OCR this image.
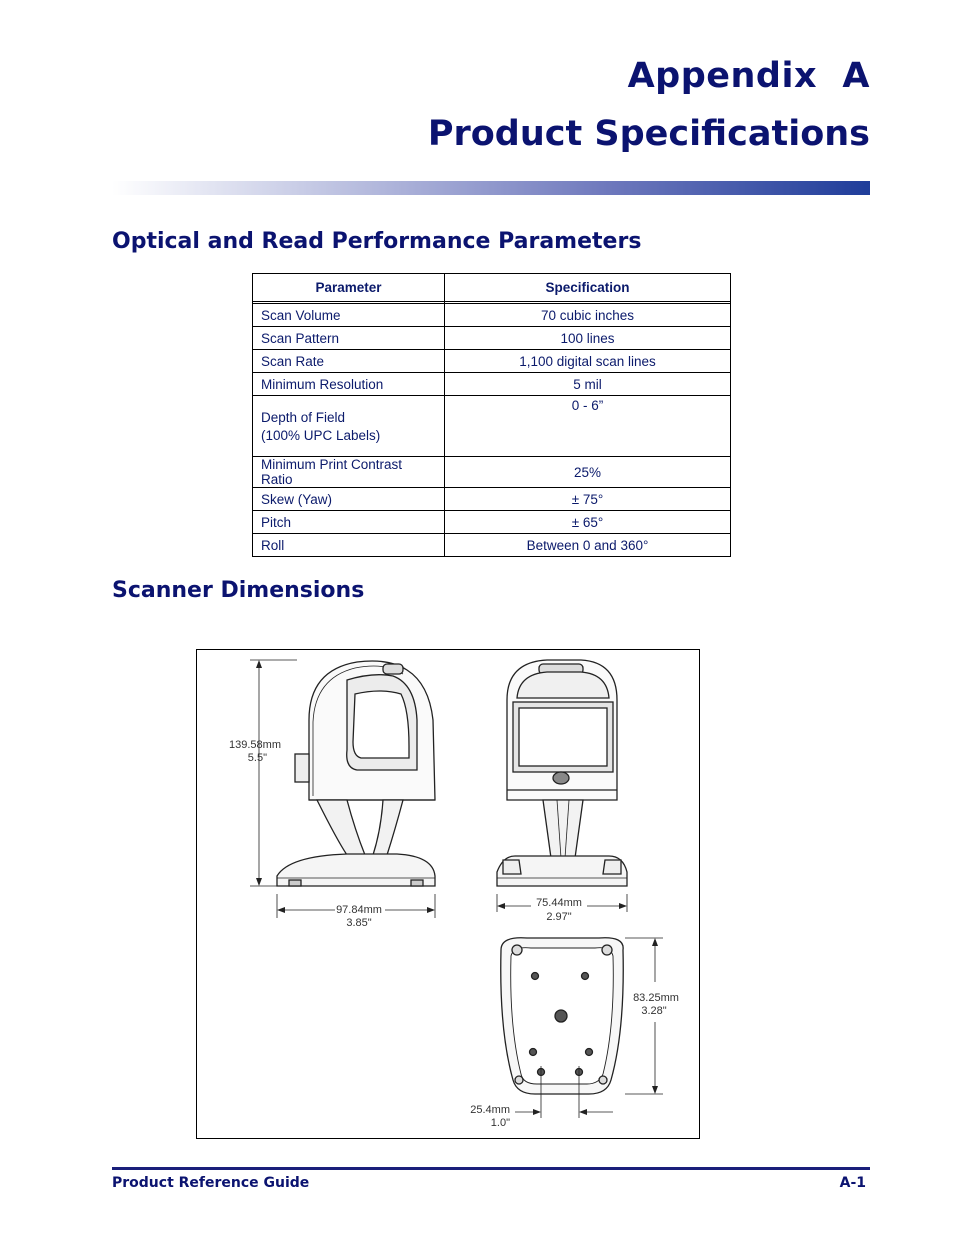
Appendix  A
Product Specifications
Optical and Read Performance Parameters
Parameter	Specification

Scan Volume	70 cubic inches
Scan Pattern	100 lines
Scan Rate	1,100 digital scan lines
Minimum Resolution	5 mil

Depth of Field
(100% UPC Labels)	0 - 6”
Minimum Print Contrast Ratio	25%
Skew (Yaw)	± 75°
Pitch	± 65°
Roll	Between 0 and 360°
Scanner Dimensions
139.58mm
5.5"
97.84mm
3.85"
75.44mm
2.97"
83.25mm
3.28"
25.4mm
1.0"
Product Reference Guide	A-1
